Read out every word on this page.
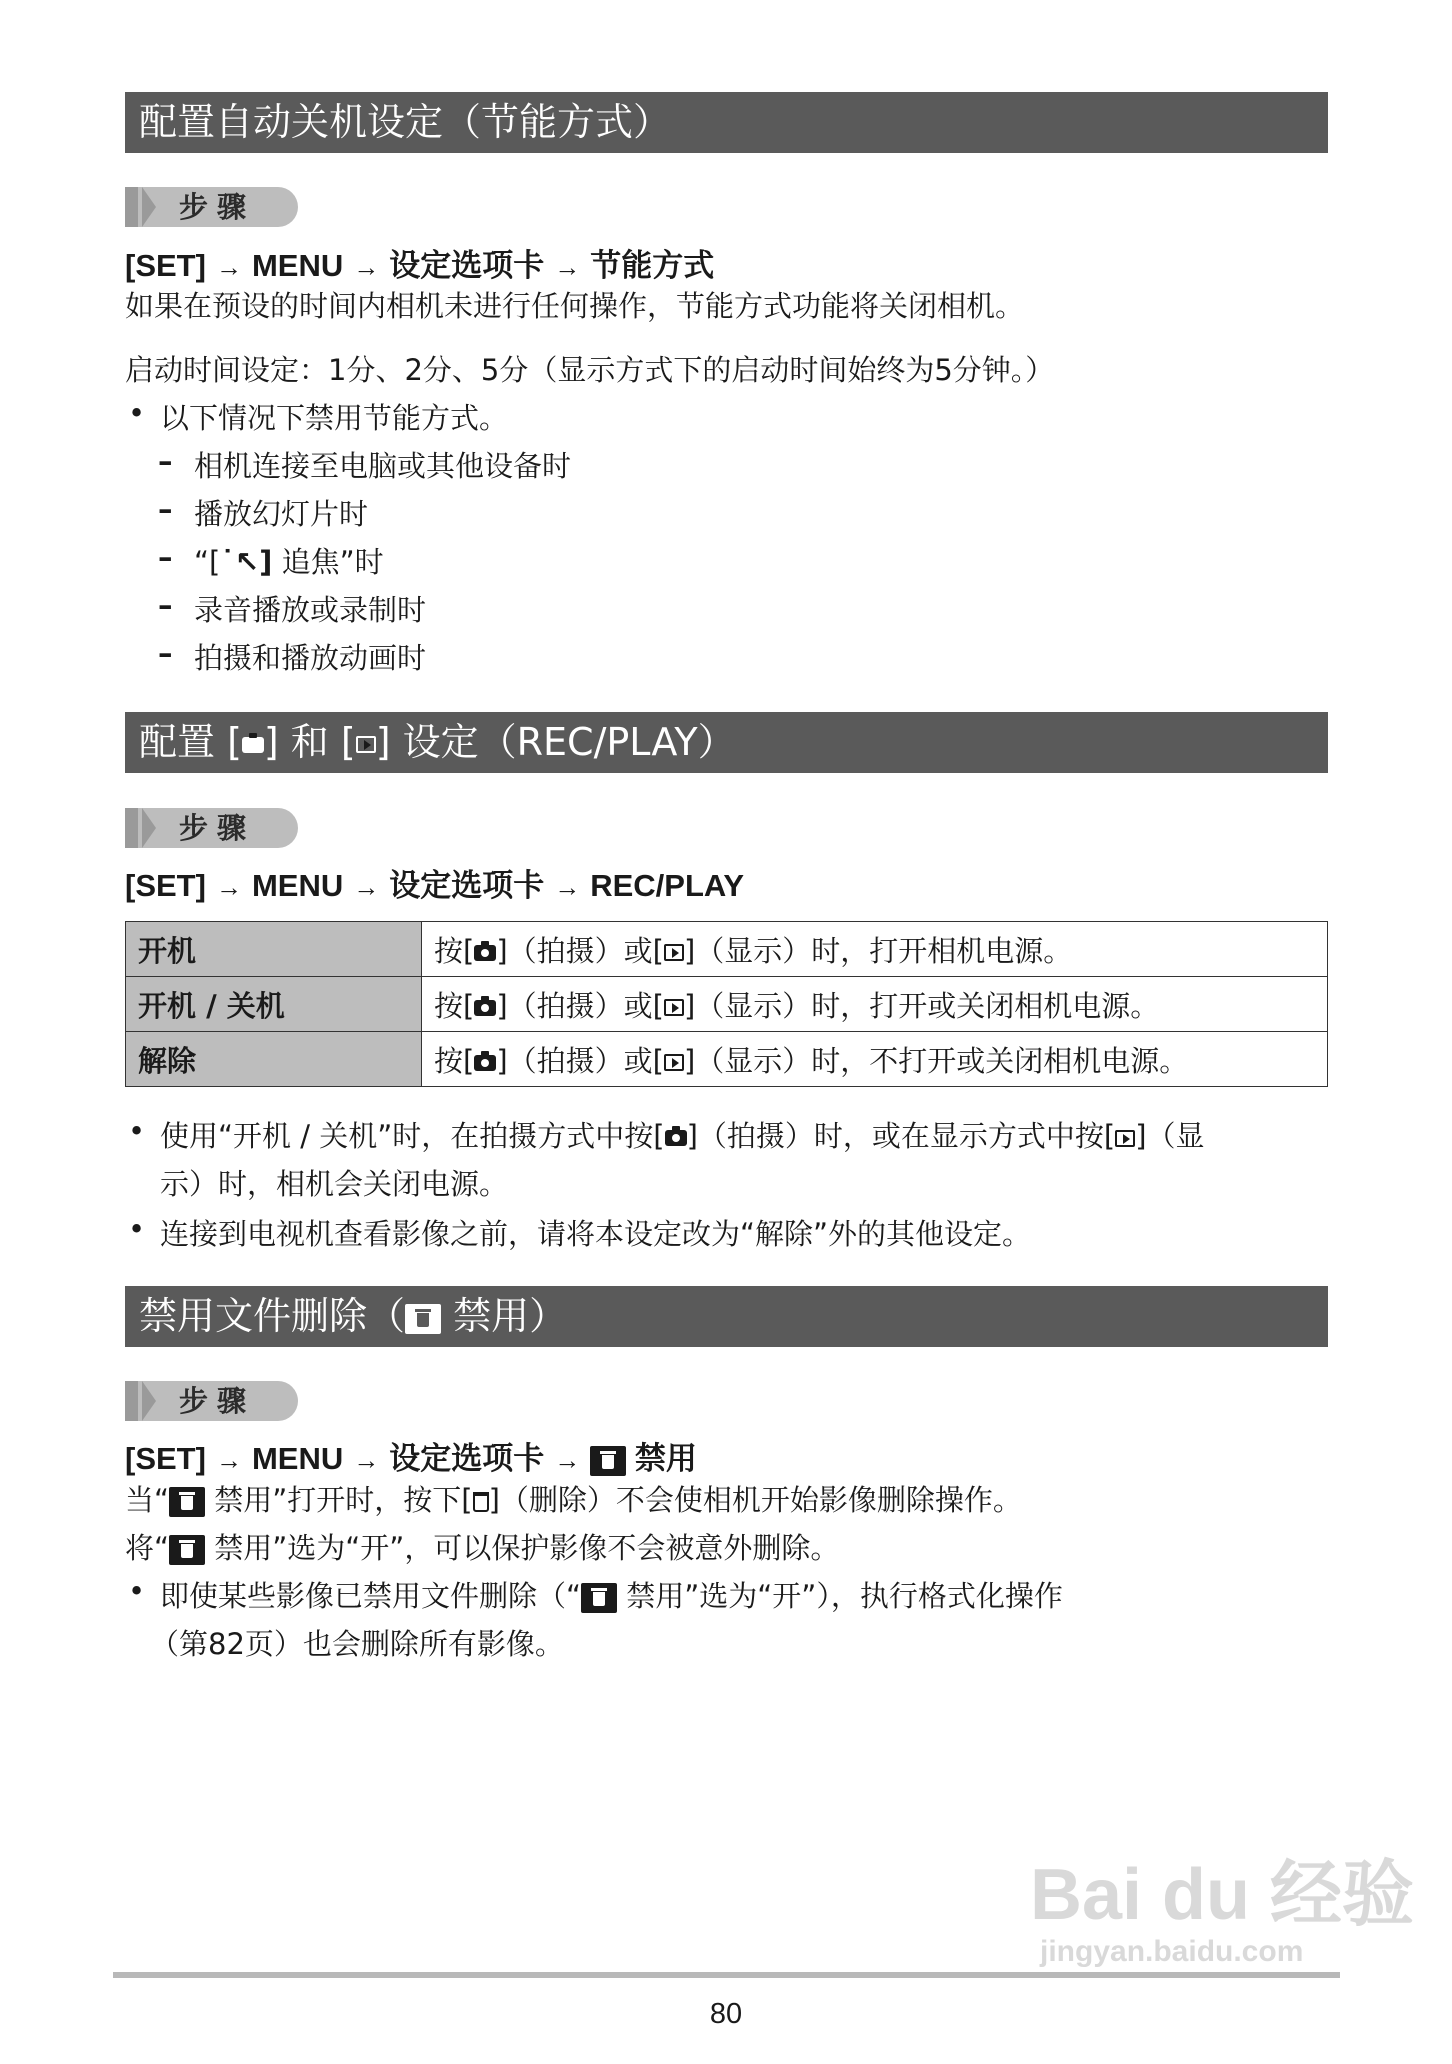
配置自动关机设定（节能方式）
步骤
[SET] → MENU → 设定选项卡 → 节能方式
如果在预设的时间内相机未进行任何操作，节能方式功能将关闭相机。
启动时间设定：1分、2分、5分（显示方式下的启动时间始终为5分钟。）
• 以下情况下禁用节能方式。
– 相机连接至电脑或其他设备时
– 播放幻灯片时
– “[˙↖] 追焦”时
– 录音播放或录制时
– 拍摄和播放动画时
配置 [ ] 和 [ ] 设定（REC/PLAY）
步骤
[SET] → MENU → 设定选项卡 → REC/PLAY
开机	按[ ]（拍摄）或[ ]（显示）时，打开相机电源。
开机 / 关机	按[ ]（拍摄）或[ ]（显示）时，打开或关闭相机电源。
解除	按[ ]（拍摄）或[ ]（显示）时，不打开或关闭相机电源。
• 使用“开机 / 关机”时，在拍摄方式中按[ ]（拍摄）时，或在显示方式中按[ ]（显
示）时，相机会关闭电源。
• 连接到电视机查看影像之前，请将本设定改为“解除”外的其他设定。
禁用文件删除（ 禁用）
步骤
[SET] → MENU → 设定选项卡 → 禁用
当“ 禁用”打开时，按下[ ]（删除）不会使相机开始影像删除操作。
将“ 禁用”选为“开”，可以保护影像不会被意外删除。
• 即使某些影像已禁用文件删除（“ 禁用”选为“开”），执行格式化操作
（第82页）也会删除所有影像。
Bai du 经验
jingyan.baidu.com
80
